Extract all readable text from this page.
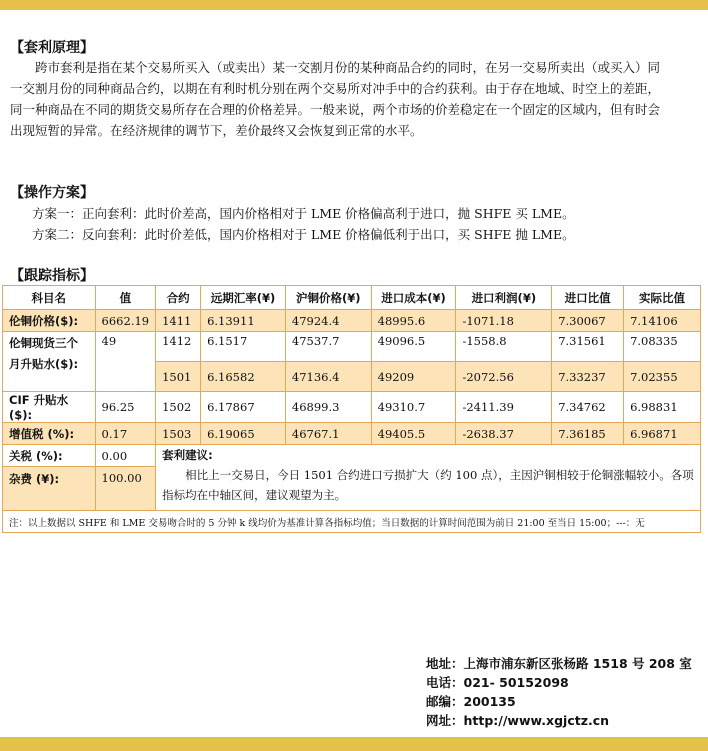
【套利原理】

跨市套利是指在某个交易所买入（或卖出）某一交割月份的某种商品合约的同时，在另一交易所卖出（或买入）同一交割月份的同种商品合约，以期在有利时机分别在两个交易所对冲手中的合约获利。由于存在地域、时空上的差距，同一种商品在不同的期货交易所存在合理的价格差异。一般来说，两个市场的价差稳定在一个固定的区域内，但有时会出现短暂的异常。在经济规律的调节下，差价最终又会恢复到正常的水平。

【操作方案】
方案一：正向套利：此时价差高，国内价格相对于 LME 价格偏高利于进口，抛 SHFE 买 LME。
方案二：反向套利：此时价差低，国内价格相对于 LME 价格偏低利于出口，买 SHFE 抛 LME。
【跟踪指标】
科目名	值	合约	远期汇率(¥)	沪铜价格(¥)	进口成本(¥)	进口利润(¥)	进口比值	实际比值
伦铜价格($):	6662.19	1411	6.13911	47924.4	48995.6	-1071.18	7.30067	7.14106
伦铜现货三个月升贴水($):	49	1412	6.1517	47537.7	49096.5	-1558.8	7.31561	7.08335
		1501	6.16582	47136.4	49209	-2072.56	7.33237	7.02355
CIF 升贴水($):	96.25	1502	6.17867	46899.3	49310.7	-2411.39	7.34762	6.98831
增值税 (%):	0.17	1503	6.19065	46767.1	49405.5	-2638.37	7.36185	6.96871
关税 (%):	0.00	套利建议:
相比上一交易日，今日 1501 合约进口亏损扩大（约 100 点），主因沪铜相较于伦铜涨幅较小。各项指标均在中轴区间，建议观望为主。						

杂费 (¥):	100.00							
注：以上数据以 SHFE 和 LME 交易吻合时的 5 分钟 k 线均价为基准计算各指标均值；当日数据的计算时间范围为前日 21:00 至当日 15:00；---：无								
地址：上海市浦东新区张杨路 1518 号 208 室
电话：021- 50152098
邮编：200135
网址：http://www.xgjctz.cn
